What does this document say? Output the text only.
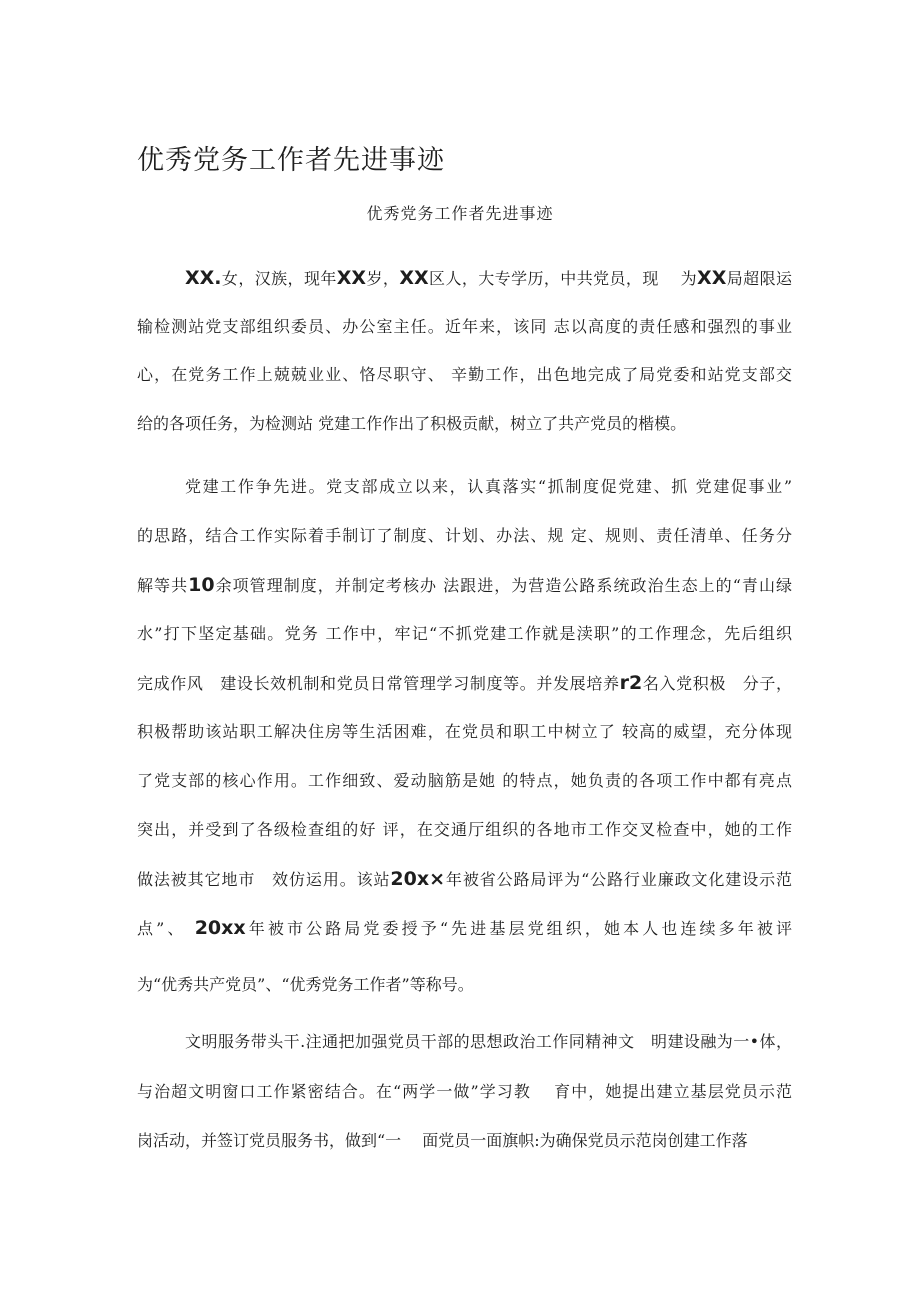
优秀党务工作者先进事迹
优秀党务工作者先进事迹
XX.女，汉族，现年XX岁，XX区人，大专学历，中共党员，现　 为XX局超限运
输检测站党支部组织委员、办公室主任。近年来，该同 志以高度的责任感和强烈的事业
心，在党务工作上兢兢业业、恪尽职守、 辛勤工作，出色地完成了局党委和站党支部交
给的各项任务，为检测站 党建工作作出了积极贡献，树立了共产党员的楷模。
党建工作争先进。党支部成立以来，认真落实“抓制度促党建、抓 党建促事业”
的思路，结合工作实际着手制订了制度、计划、办法、规 定、规则、责任清单、任务分
解等共10余项管理制度，并制定考核办 法跟进，为营造公路系统政治生态上的“青山绿
水”打下坚定基础。党务 工作中，牢记“不抓党建工作就是渎职”的工作理念，先后组织
完成作风　建设长效机制和党员日常管理学习制度等。并发展培养r2名入党积极　分子，
积极帮助该站职工解决住房等生活困难，在党员和职工中树立了 较高的威望，充分体现
了党支部的核心作用。工作细致、爱动脑筋是她 的特点，她负责的各项工作中都有亮点
突出，并受到了各级检查组的好 评，在交通厅组织的各地市工作交叉检查中，她的工作
做法被其它地市　效仿运用。该站20x×年被省公路局评为“公路行业廉政文化建设示范
点”、 20xx年被市公路局党委授予“先进基层党组织，她本人也连续多年被评
为“优秀共产党员”、“优秀党务工作者”等称号。
文明服务带头干.注通把加强党员干部的思想政治工作同精神文　明建设融为一•体，
与治超文明窗口工作紧密结合。在“两学一做”学习教　 育中，她提出建立基层党员示范
岗活动，并签订党员服务书，做到“一　 面党员一面旗帜:为确保党员示范岗创建工作落
